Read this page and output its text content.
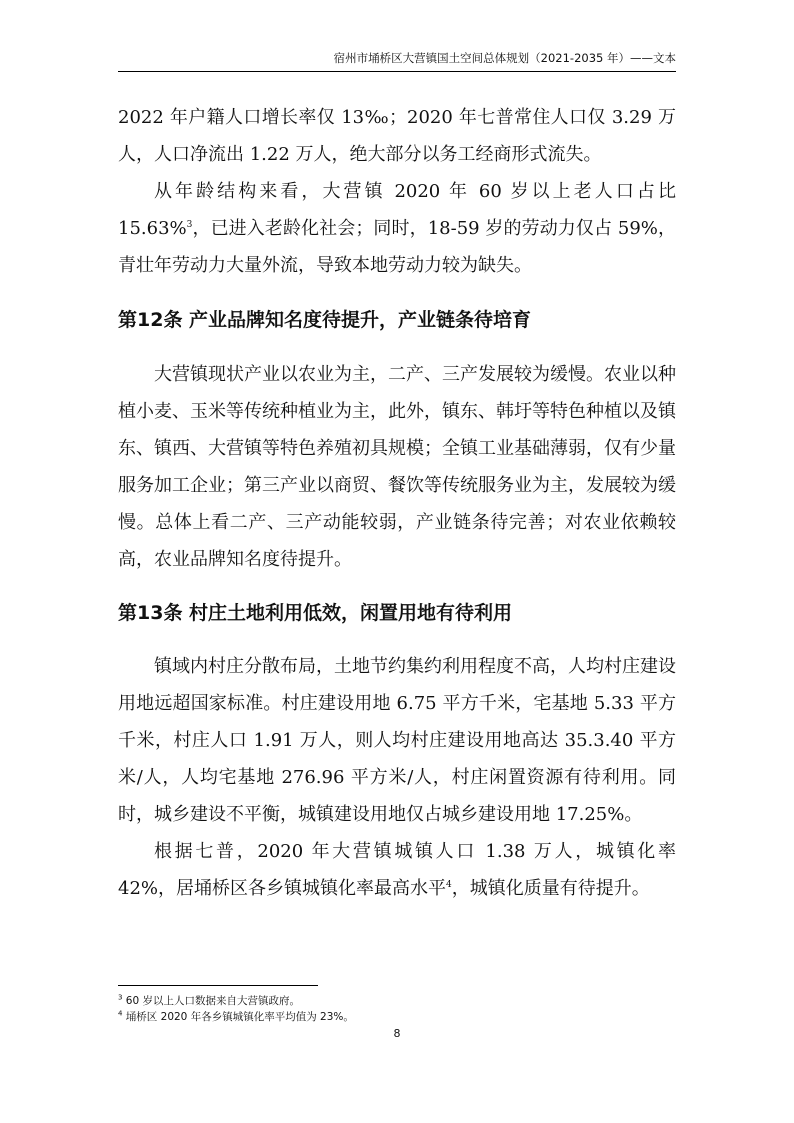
宿州市埇桥区大营镇国土空间总体规划（2021-2035 年）——文本

2022 年户籍人口增长率仅 13‰；2020 年七普常住人口仅 3.29 万人，人口净流出 1.22 万人，绝大部分以务工经商形式流失。

从年龄结构来看，大营镇 2020 年 60 岁以上老人口占比 15.63%$^3$，已进入老龄化社会；同时，18-59 岁的劳动力仅占 59%，青壮年劳动力大量外流，导致本地劳动力较为缺失。

第12条 产业品牌知名度待提升，产业链条待培育

大营镇现状产业以农业为主，二产、三产发展较为缓慢。农业以种植小麦、玉米等传统种植业为主，此外，镇东、韩圩等特色种植以及镇东、镇西、大营镇等特色养殖初具规模；全镇工业基础薄弱，仅有少量服务加工企业；第三产业以商贸、餐饮等传统服务业为主，发展较为缓慢。总体上看二产、三产动能较弱，产业链条待完善；对农业依赖较高，农业品牌知名度待提升。

第13条 村庄土地利用低效，闲置用地有待利用

镇域内村庄分散布局，土地节约集约利用程度不高，人均村庄建设用地远超国家标准。村庄建设用地 6.75 平方千米，宅基地 5.33 平方千米，村庄人口 1.91 万人，则人均村庄建设用地高达 35.3.40 平方米/人，人均宅基地 276.96 平方米/人，村庄闲置资源有待利用。同时，城乡建设不平衡，城镇建设用地仅占城乡建设用地 17.25%。

根据七普，2020 年大营镇城镇人口 1.38 万人，城镇化率 42%，居埇桥区各乡镇城镇化率最高水平$^4$，城镇化质量有待提升。

$^3$ 60 岁以上人口数据来自大营镇政府。
$^4$ 埇桥区 2020 年各乡镇城镇化率平均值为 23%。
8
